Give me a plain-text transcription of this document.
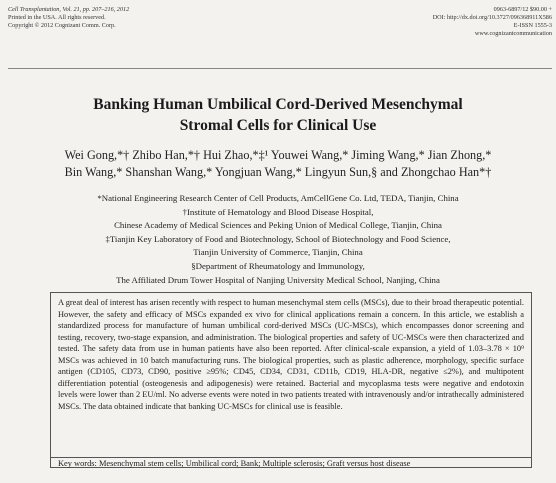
Cell Transplantation, Vol. 21, pp. 207–216, 2012
Printed in the USA. All rights reserved.
Copyright © 2012 Cognizant Comm. Corp.
0963-6897/12 $90.00 +
DOI: http://dx.doi.org/10.3727/096368911X586
E-ISSN 1555-3
www.cognizantcommunication
Banking Human Umbilical Cord-Derived Mesenchymal
Stromal Cells for Clinical Use
Wei Gong,*† Zhibo Han,*† Hui Zhao,*‡¹ Youwei Wang,* Jiming Wang,* Jian Zhong,*
Bin Wang,* Shanshan Wang,* Yongjuan Wang,* Lingyun Sun,§ and Zhongchao Han*†
*National Engineering Research Center of Cell Products, AmCellGene Co. Ltd, TEDA, Tianjin, China
†Institute of Hematology and Blood Disease Hospital,
Chinese Academy of Medical Sciences and Peking Union of Medical College, Tianjin, China
‡Tianjin Key Laboratory of Food and Biotechnology, School of Biotechnology and Food Science,
Tianjin University of Commerce, Tianjin, China
§Department of Rheumatology and Immunology,
The Affiliated Drum Tower Hospital of Nanjing University Medical School, Nanjing, China
A great deal of interest has arisen recently with respect to human mesenchymal stem cells (MSCs), due to their broad therapeutic potential. However, the safety and efficacy of MSCs expanded ex vivo for clinical applications remain a concern. In this article, we establish a standardized process for manufacture of human umbilical cord-derived MSCs (UC-MSCs), which encompasses donor screening and testing, recovery, two-stage expansion, and administration. The biological properties and safety of UC-MSCs were then characterized and tested. The safety data from use in human patients have also been reported. After clinical-scale expansion, a yield of 1.03–3.78 × 10⁹ MSCs was achieved in 10 batch manufacturing runs. The biological properties, such as plastic adherence, morphology, specific surface antigen (CD105, CD73, CD90, positive ≥95%; CD45, CD34, CD31, CD11b, CD19, HLA-DR, negative ≤2%), and multipotent differentiation potential (osteogenesis and adipogenesis) were retained. Bacterial and mycoplasma tests were negative and endotoxin levels were lower than 2 EU/ml. No adverse events were noted in two patients treated with intravenously and/or intrathecally administered MSCs. The data obtained indicate that banking UC-MSCs for clinical use is feasible.
Key words: Mesenchymal stem cells; Umbilical cord; Bank; Multiple sclerosis; Graft versus host disease
